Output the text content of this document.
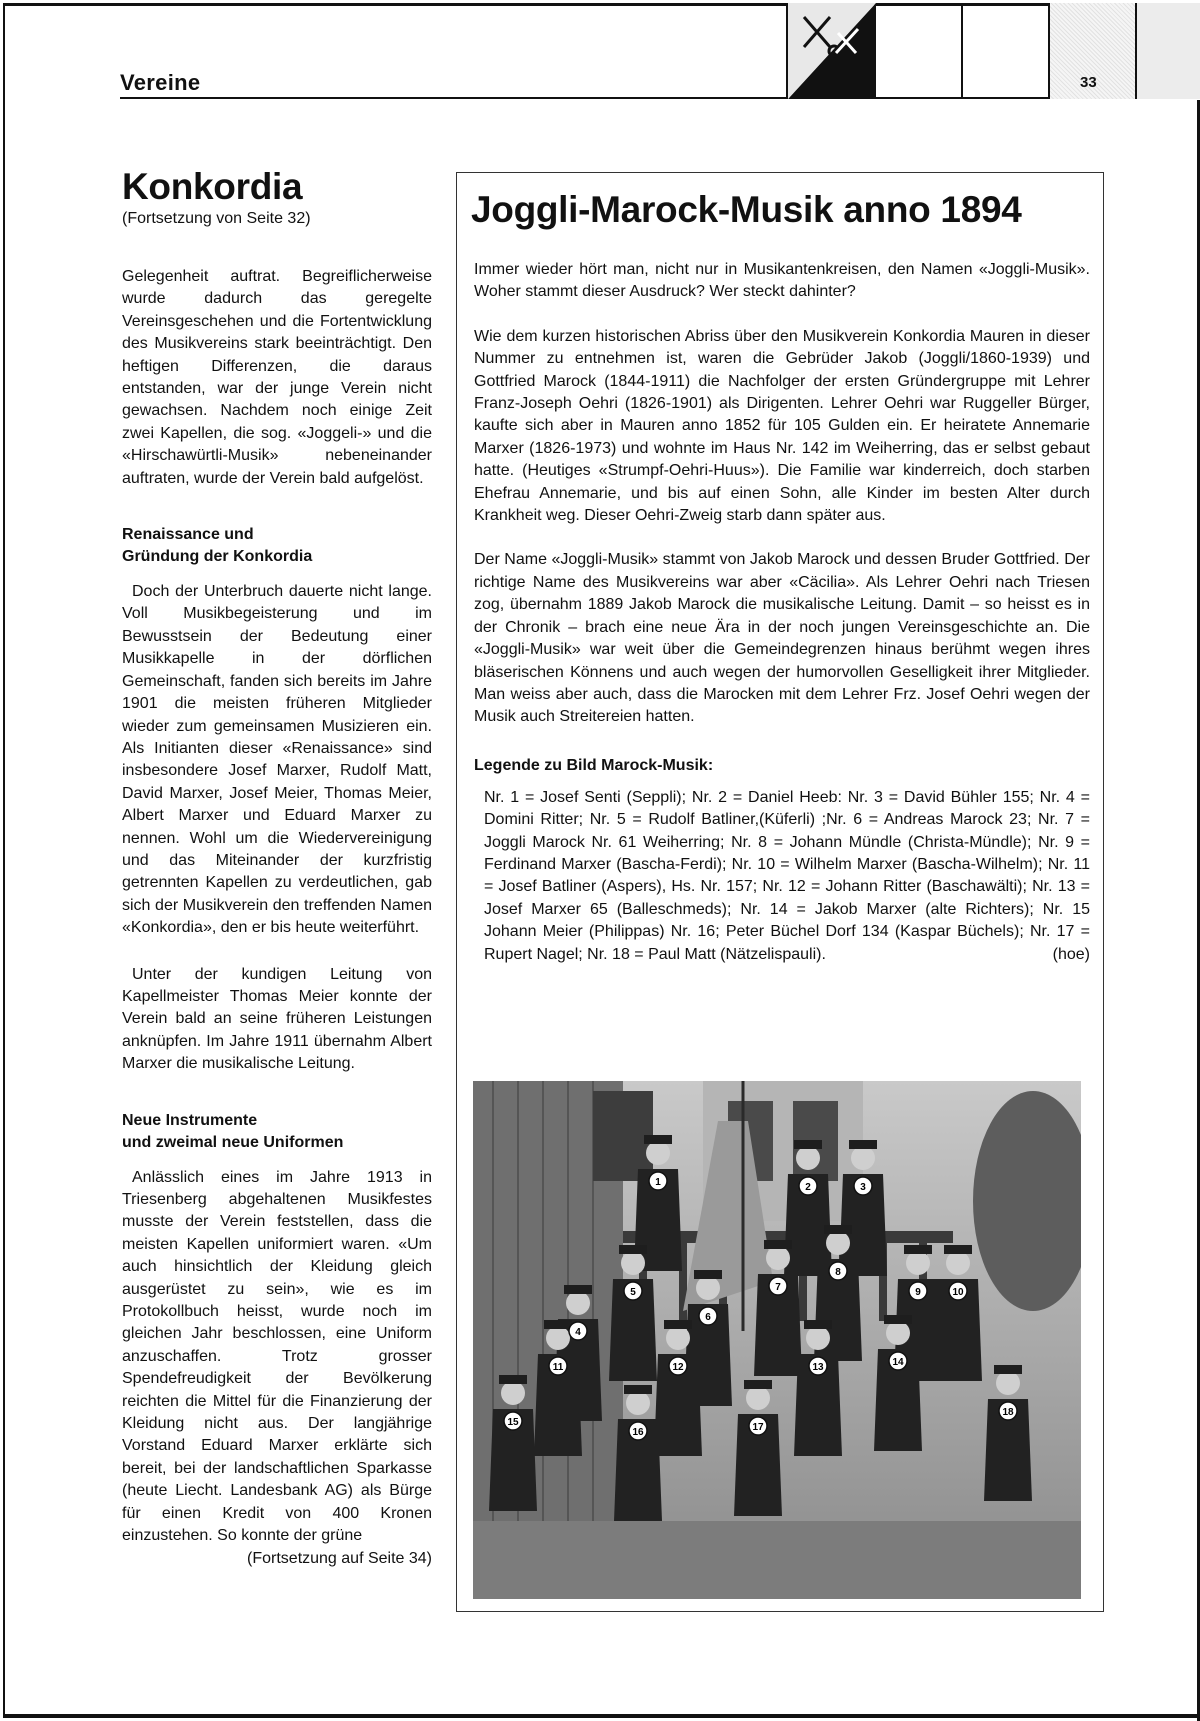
Vereine	33
Konkordia
(Fortsetzung von Seite 32)

Gelegenheit auftrat. Begreiflicherweise wurde dadurch das geregelte Vereinsgeschehen und die Fortentwicklung des Musikvereins stark beeinträchtigt. Den heftigen Differenzen, die daraus entstanden, war der junge Verein nicht gewachsen. Nachdem noch einige Zeit zwei Kapellen, die sog. «Joggeli-» und die «Hirschawürtli-Musik» nebeneinander auftraten, wurde der Verein bald aufgelöst.

Renaissance und
Gründung der Konkordia

Doch der Unterbruch dauerte nicht lange. Voll Musikbegeisterung und im Bewusstsein der Bedeutung einer Musikkapelle in der dörflichen Gemeinschaft, fanden sich bereits im Jahre 1901 die meisten früheren Mitglieder wieder zum gemeinsamen Musizieren ein. Als Initianten dieser «Renaissance» sind insbesondere Josef Marxer, Rudolf Matt, David Marxer, Josef Meier, Thomas Meier, Albert Marxer und Eduard Marxer zu nennen. Wohl um die Wiedervereinigung und das Miteinander der kurzfristig getrennten Kapellen zu verdeutlichen, gab sich der Musikverein den treffenden Namen «Konkordia», den er bis heute weiterführt.

Unter der kundigen Leitung von Kapellmeister Thomas Meier konnte der Verein bald an seine früheren Leistungen anknüpfen. Im Jahre 1911 übernahm Albert Marxer die musikalische Leitung.

Neue Instrumente
und zweimal neue Uniformen

Anlässlich eines im Jahre 1913 in Triesenberg abgehaltenen Musikfestes musste der Verein feststellen, dass die meisten Kapellen uniformiert waren. «Um auch hinsichtlich der Kleidung gleich ausgerüstet zu sein», wie es im Protokollbuch heisst, wurde noch im gleichen Jahr beschlossen, eine Uniform anzuschaffen. Trotz grosser Spendefreudigkeit der Bevölkerung reichten die Mittel für die Finanzierung der Kleidung nicht aus. Der langjährige Vorstand Eduard Marxer erklärte sich bereit, bei der landschaftlichen Sparkasse (heute Liecht. Landesbank AG) als Bürge für einen Kredit von 400 Kronen einzustehen. So konnte der grüne

(Fortsetzung auf Seite 34)
Joggli-Marock-Musik anno 1894

Immer wieder hört man, nicht nur in Musikantenkreisen, den Namen «Joggli-Musik». Woher stammt dieser Ausdruck? Wer steckt dahinter?

Wie dem kurzen historischen Abriss über den Musikverein Konkordia Mauren in dieser Nummer zu entnehmen ist, waren die Gebrüder Jakob (Joggli/1860-1939) und Gottfried Marock (1844-1911) die Nachfolger der ersten Gründergruppe mit Lehrer Franz-Joseph Oehri (1826-1901) als Dirigenten. Lehrer Oehri war Ruggeller Bürger, kaufte sich aber in Mauren anno 1852 für 105 Gulden ein. Er heiratete Annemarie Marxer (1826-1973) und wohnte im Haus Nr. 142 im Weiherring, das er selbst gebaut hatte. (Heutiges «Strumpf-Oehri-Huus»). Die Familie war kinderreich, doch starben Ehefrau Annemarie, und bis auf einen Sohn, alle Kinder im besten Alter durch Krankheit weg. Dieser Oehri-Zweig starb dann später aus.

Der Name «Joggli-Musik» stammt von Jakob Marock und dessen Bruder Gottfried. Der richtige Name des Musikvereins war aber «Cäcilia». Als Lehrer Oehri nach Triesen zog, übernahm 1889 Jakob Marock die musikalische Leitung. Damit – so heisst es in der Chronik – brach eine neue Ära in der noch jungen Vereinsgeschichte an. Die «Joggli-Musik» war weit über die Gemeindegrenzen hinaus berühmt wegen ihres bläserischen Könnens und auch wegen der humorvollen Geselligkeit ihrer Mitglieder. Man weiss aber auch, dass die Marocken mit dem Lehrer Frz. Josef Oehri wegen der Musik auch Streitereien hatten.

Legende zu Bild Marock-Musik:

Nr. 1 = Josef Senti (Seppli); Nr. 2 = Daniel Heeb: Nr. 3 = David Bühler 155; Nr. 4 = Domini Ritter; Nr. 5 = Rudolf Batliner,(Küferli) ;Nr. 6 = Andreas Marock 23; Nr. 7 = Joggli Marock Nr. 61 Weiherring; Nr. 8 = Johann Mündle (Christa-Mündle); Nr. 9 = Ferdinand Marxer (Bascha-Ferdi); Nr. 10 = Wilhelm Marxer (Bascha-Wilhelm); Nr. 11 = Josef Batliner (Aspers), Hs. Nr. 157; Nr. 12 = Johann Ritter (Baschawälti); Nr. 13 = Josef Marxer 65 (Balleschmeds); Nr. 14 = Jakob Marxer (alte Richters); Nr. 15 Johann Meier (Philippas) Nr. 16; Peter Büchel Dorf 134 (Kaspar Büchels); Nr. 17 = Rupert Nagel; Nr. 18 = Paul Matt (Nätzelispauli).	(hoe)

1	2	3
4
5
6
7
8
9	10
11	12	13	14
15
16	17
18
